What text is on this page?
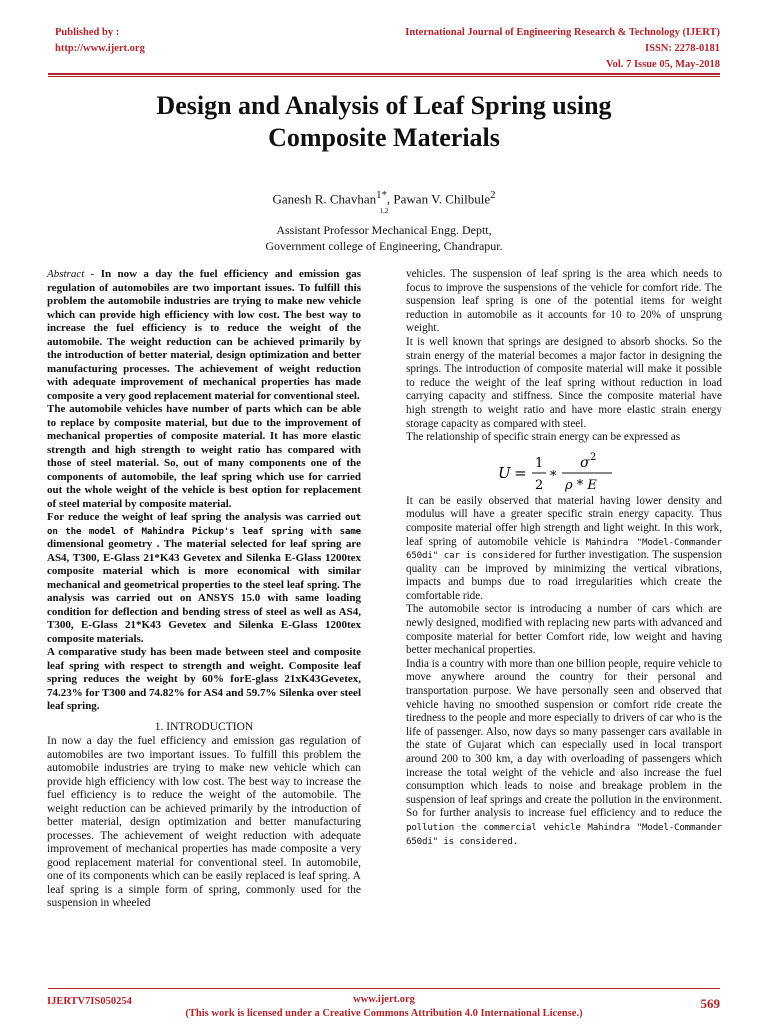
Published by :
http://www.ijert.org
International Journal of Engineering Research & Technology (IJERT)
ISSN: 2278-0181
Vol. 7 Issue 05, May-2018
Design and Analysis of Leaf Spring using
Composite Materials

Ganesh R. Chavhan$^{1*}$, Pawan V. Chilbule$^2$

$^{1,2}$
Assistant Professor Mechanical Engg. Deptt,
Government college of Engineering, Chandrapur.

Abstract - In now a day the fuel efficiency and emission gas regulation of automobiles are two important issues. To fulfill this problem the automobile industries are trying to make new vehicle which can provide high efficiency with low cost. The best way to increase the fuel efficiency is to reduce the weight of the automobile. The weight reduction can be achieved primarily by the introduction of better material, design optimization and better manufacturing processes. The achievement of weight reduction with adequate improvement of mechanical properties has made composite a very good replacement material for conventional steel.

The automobile vehicles have number of parts which can be able to replace by composite material, but due to the improvement of mechanical properties of composite material. It has more elastic strength and high strength to weight ratio has compared with those of steel material. So, out of many components one of the components of automobile, the leaf spring which use for carried out the whole weight of the vehicle is best option for replacement of steel material by composite material.

For reduce the weight of leaf spring the analysis was carried out on the model of Mahindra Pickup's leaf spring with same dimensional geometry . The material selected for leaf spring are AS4, T300, E-Glass 21*K43 Gevetex and Silenka E-Glass 1200tex composite material which is more economical with similar mechanical and geometrical properties to the steel leaf spring. The analysis was carried out on ANSYS 15.0 with same loading condition for deflection and bending stress of steel as well as AS4, T300, E-Glass 21*K43 Gevetex and Silenka E-Glass 1200tex composite materials.

A comparative study has been made between steel and composite leaf spring with respect to strength and weight. Composite leaf spring reduces the weight by 60% forE-glass 21xK43Gevetex, 74.23% for T300 and 74.82% for AS4 and 59.7% Silenka over steel leaf spring.

1. INTRODUCTION

In now a day the fuel efficiency and emission gas regulation of automobiles are two important issues. To fulfill this problem the automobile industries are trying to make new vehicle which can provide high efficiency with low cost. The best way to increase the fuel efficiency is to reduce the weight of the automobile. The weight reduction can be achieved primarily by the introduction of better material, design optimization and better manufacturing processes. The achievement of weight reduction with adequate improvement of mechanical properties has made composite a very good replacement material for conventional steel. In automobile, one of its components which can be easily replaced is leaf spring. A leaf spring is a simple form of spring, commonly used for the suspension in wheeled

vehicles. The suspension of leaf spring is the area which needs to focus to improve the suspensions of the vehicle for comfort ride. The suspension leaf spring is one of the potential items for weight reduction in automobile as it accounts for 10 to 20% of unsprung weight.

It is well known that springs are designed to absorb shocks. So the strain energy of the material becomes a major factor in designing the springs. The introduction of composite material will make it possible to reduce the weight of the leaf spring without reduction in load carrying capacity and stiffness. Since the composite material have high strength to weight ratio and have more elastic strain energy storage capacity as compared with steel.

The relationship of specific strain energy can be expressed as

U =
1
2
*
σ 2
ρ * E

It can be easily observed that material having lower density and modulus will have a greater specific strain energy capacity. Thus composite material offer high strength and light weight. In this work, leaf spring of automobile vehicle is Mahindra "Model-Commander 650di" car is considered for further investigation. The suspension quality can be improved by minimizing the vertical vibrations, impacts and bumps due to road irregularities which create the comfortable ride.

The automobile sector is introducing a number of cars which are newly designed, modified with replacing new parts with advanced and composite material for better Comfort ride, low weight and having better mechanical properties.

India is a country with more than one billion people, require vehicle to move anywhere around the country for their personal and transportation purpose. We have personally seen and observed that vehicle having no smoothed suspension or comfort ride create the tiredness to the people and more especially to drivers of car who is the life of passenger. Also, now days so many passenger cars available in the state of Gujarat which can especially used in local transport around 200 to 300 km, a day with overloading of passengers which increase the total weight of the vehicle and also increase the fuel consumption which leads to noise and breakage problem in the suspension of leaf springs and create the pollution in the environment. So for further analysis to increase fuel efficiency and to reduce the pollution the commercial vehicle Mahindra "Model-Commander 650di" is considered.

IJERTV7IS050254	www.ijert.org	569

(This work is licensed under a Creative Commons Attribution 4.0 International License.)
